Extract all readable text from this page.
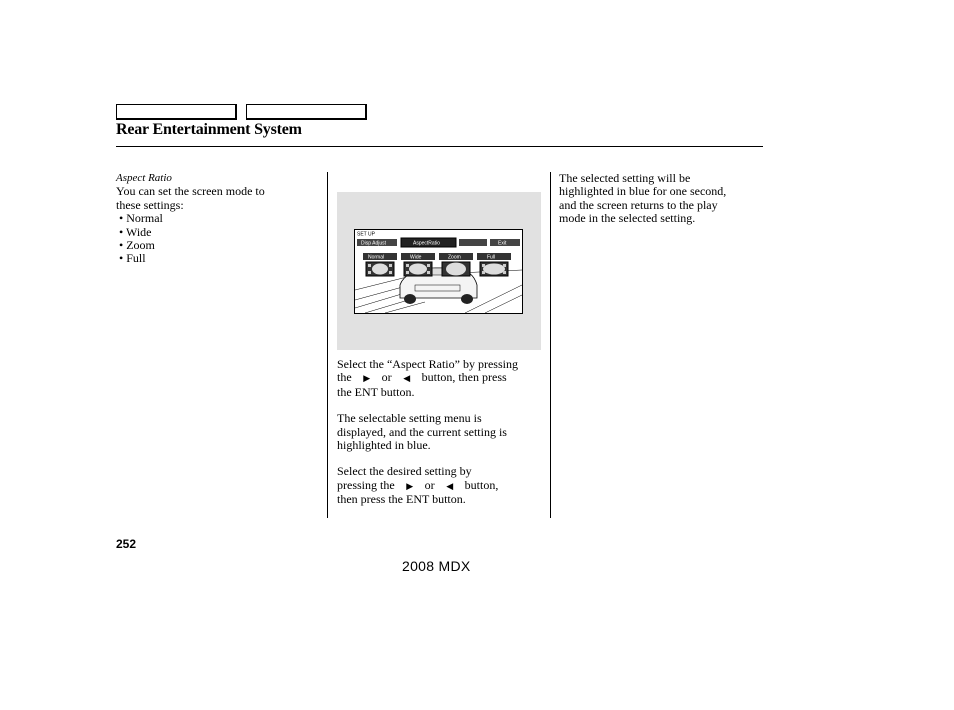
Rear Entertainment System
Aspect Ratio
You can set the screen mode to
these settings:
• Normal
• Wide
• Zoom
• Full
SET UP
Disp Adjust	AspectRatio	Exit
Normal	Wide	Zoom	Full

Select the “Aspect Ratio” by pressing
the ▶ or ◀ button, then press
the ENT button.

The selectable setting menu is
displayed, and the current setting is
highlighted in blue.

Select the desired setting by
pressing the ▶ or ◀ button,
then press the ENT button.

The selected setting will be
highlighted in blue for one second,
and the screen returns to the play
mode in the selected setting.
252
2008 MDX
